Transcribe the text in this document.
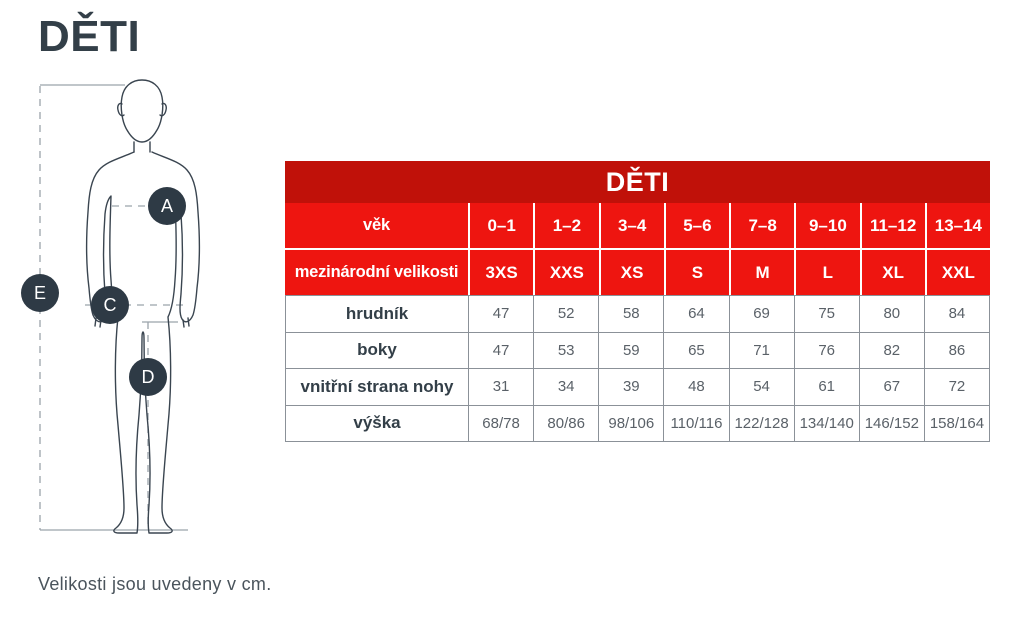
DĚTI
A
C
D
E
DĚTI
věk	0–1	1–2	3–4	5–6	7–8	9–10	11–12	13–14
mezinárodní velikosti	3XS	XXS	XS	S	M	L	XL	XXL
hrudník	47	52	58	64	69	75	80	84
boky	47	53	59	65	71	76	82	86
vnitřní strana nohy	31	34	39	48	54	61	67	72
výška	68/78	80/86	98/106	110/116 122/128 134/140 146/152 158/164

Velikosti jsou uvedeny v cm.
